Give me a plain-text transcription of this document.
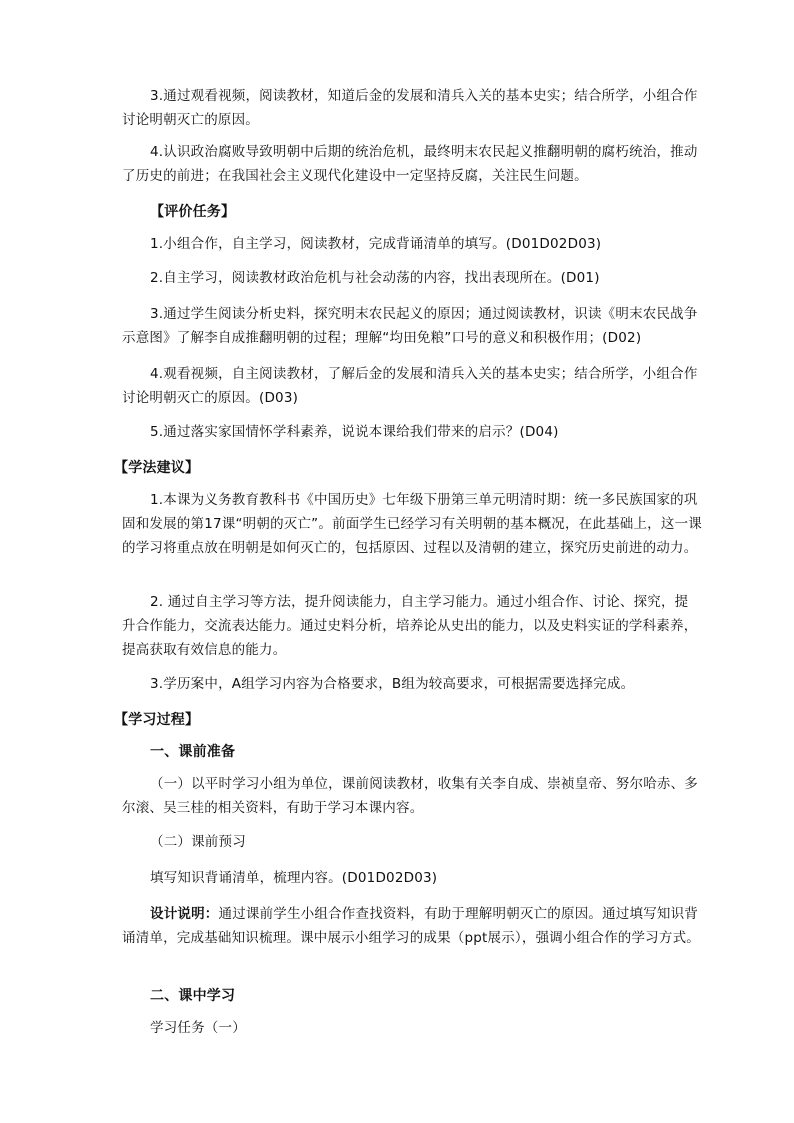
3.通过观看视频，阅读教材，知道后金的发展和清兵入关的基本史实；结合所学，小组合作讨论明朝灭亡的原因。

4.认识政治腐败导致明朝中后期的统治危机，最终明末农民起义推翻明朝的腐朽统治，推动了历史的前进；在我国社会主义现代化建设中一定坚持反腐，关注民生问题。

【评价任务】

1.小组合作，自主学习，阅读教材，完成背诵清单的填写。(D01D02D03)

2.自主学习，阅读教材政治危机与社会动荡的内容，找出表现所在。(D01)

3.通过学生阅读分析史料，探究明末农民起义的原因；通过阅读教材，识读《明末农民战争示意图》了解李自成推翻明朝的过程；理解“均田免粮”口号的意义和积极作用；(D02)

4.观看视频，自主阅读教材，了解后金的发展和清兵入关的基本史实；结合所学，小组合作讨论明朝灭亡的原因。(D03)

5.通过落实家国情怀学科素养，说说本课给我们带来的启示？(D04)

【学法建议】

1.本课为义务教育教科书《中国历史》七年级下册第三单元明清时期：统一多民族国家的巩固和发展的第17课“明朝的灭亡”。前面学生已经学习有关明朝的基本概况，在此基础上，这一课的学习将重点放在明朝是如何灭亡的，包括原因、过程以及清朝的建立，探究历史前进的动力。

2. 通过自主学习等方法，提升阅读能力，自主学习能力。通过小组合作、讨论、探究，提升合作能力，交流表达能力。通过史料分析，培养论从史出的能力，以及史料实证的学科素养，提高获取有效信息的能力。

3.学历案中，A组学习内容为合格要求，B组为较高要求，可根据需要选择完成。

【学习过程】

一、课前准备

（一）以平时学习小组为单位，课前阅读教材，收集有关李自成、崇祯皇帝、努尔哈赤、多尔滚、吴三桂的相关资料，有助于学习本课内容。

（二）课前预习

填写知识背诵清单，梳理内容。(D01D02D03)

设计说明：通过课前学生小组合作查找资料，有助于理解明朝灭亡的原因。通过填写知识背诵清单，完成基础知识梳理。课中展示小组学习的成果（ppt展示），强调小组合作的学习方式。

二、课中学习

学习任务（一）
